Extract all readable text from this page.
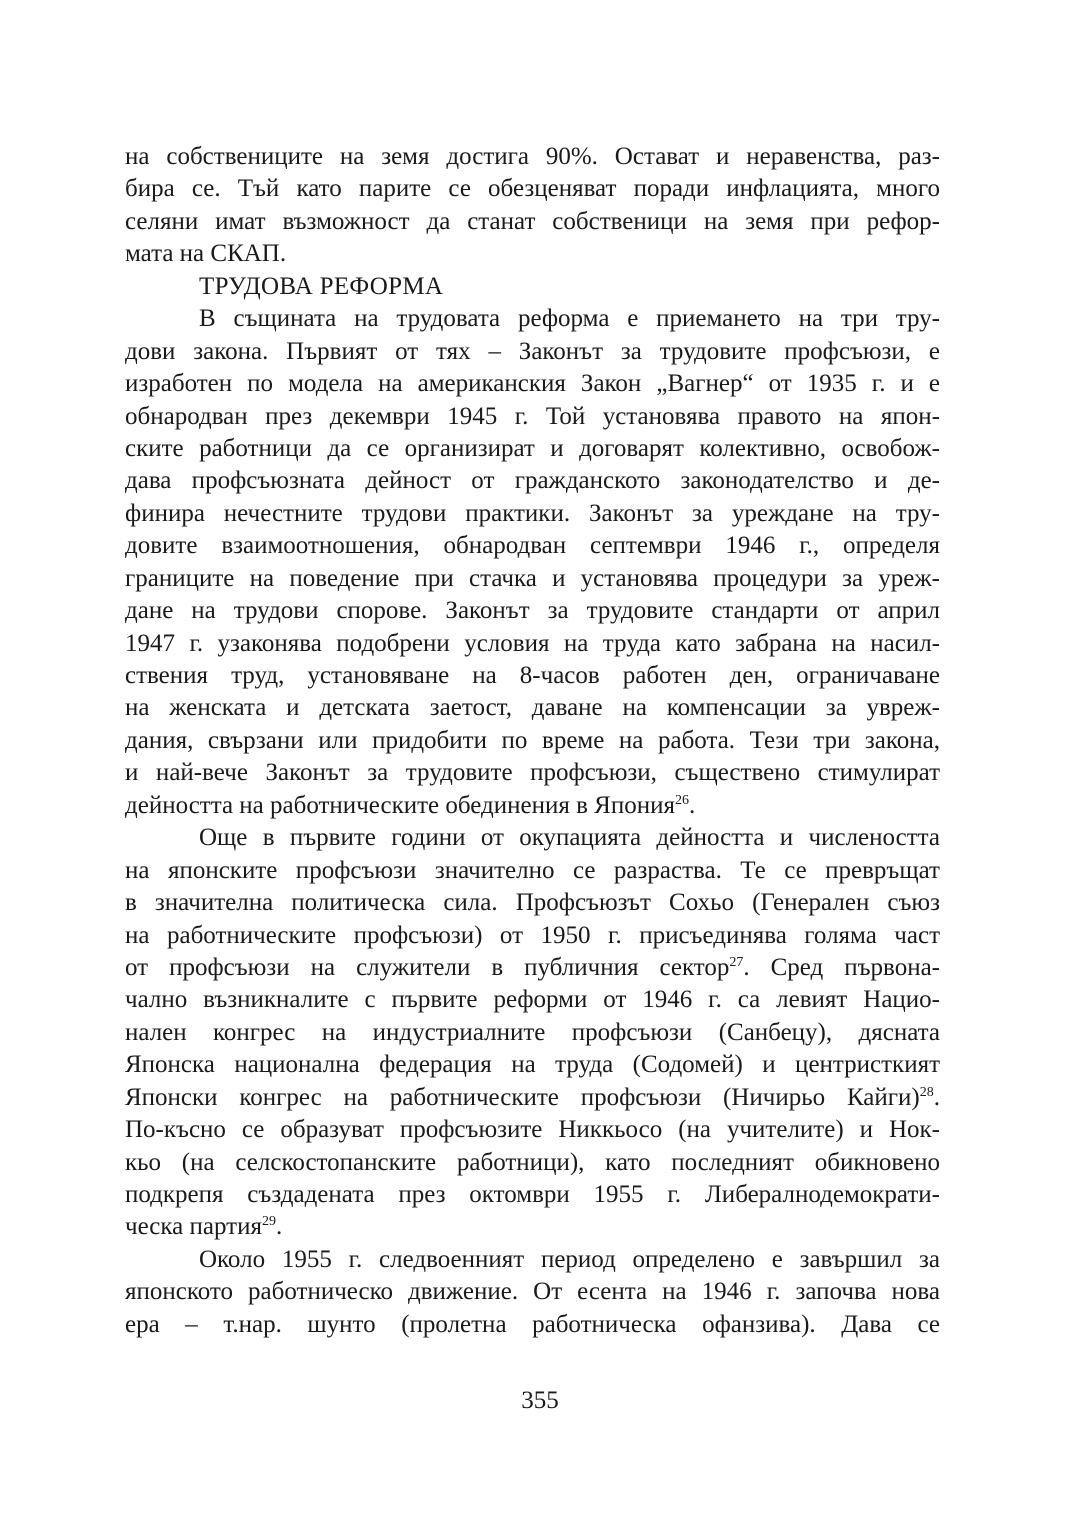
на собствениците на земя достига 90%. Остават и неравенства, раз-
бира се. Тъй като парите се обезценяват поради инфлацията, много
селяни имат възможност да станат собственици на земя при рефор-
мата на СКАП.
ТРУДОВА РЕФОРМА
В същината на трудовата реформа е приемането на три тру-
дови закона. Първият от тях – Законът за трудовите профсъюзи, е
изработен по модела на американския Закон „Вагнер“ от 1935 г. и е
обнародван през декември 1945 г. Той установява правото на япон-
ските работници да се организират и договарят колективно, освобож-
дава профсъюзната дейност от гражданското законодателство и де-
финира нечестните трудови практики. Законът за уреждане на тру-
довите взаимоотношения, обнародван септември 1946 г., определя
границите на поведение при стачка и установява процедури за уреж-
дане на трудови спорове. Законът за трудовите стандарти от април
1947 г. узаконява подобрени условия на труда като забрана на насил-
ствения труд, установяване на 8-часов работен ден, ограничаване
на женската и детската заетост, даване на компенсации за увреж-
дания, свързани или придобити по време на работа. Тези три закона,
и най-вече Законът за трудовите профсъюзи, съществено стимулират
дейността на работническите обединения в Япония$^{26}$.
Още в първите години от окупацията дейността и числеността
на японските профсъюзи значително се разраства. Те се превръщат
в значителна политическа сила. Профсъюзът Сохьо (Генерален съюз
на работническите профсъюзи) от 1950 г. присъединява голяма част
от профсъюзи на служители в публичния сектор$^{27}$. Сред първона-
чално възникналите с първите реформи от 1946 г. са левият Нацио-
нален конгрес на индустриалните профсъюзи (Санбецу), дясната
Японска национална федерация на труда (Содомей) и центристкият
Японски конгрес на работническите профсъюзи (Ничирьо Кайги)$^{28}$.
По-късно се образуват профсъюзите Никкьосо (на учителите) и Нок-
кьо (на селскостопанските работници), като последният обикновено
подкрепя създадената през октомври 1955 г. Либералнодемократи-
ческа партия$^{29}$.
Около 1955 г. следвоенният период определено е завършил за
японското работническо движение. От есента на 1946 г. започва нова
ера – т.нар. шунто (пролетна работническа офанзива). Дава се
355
